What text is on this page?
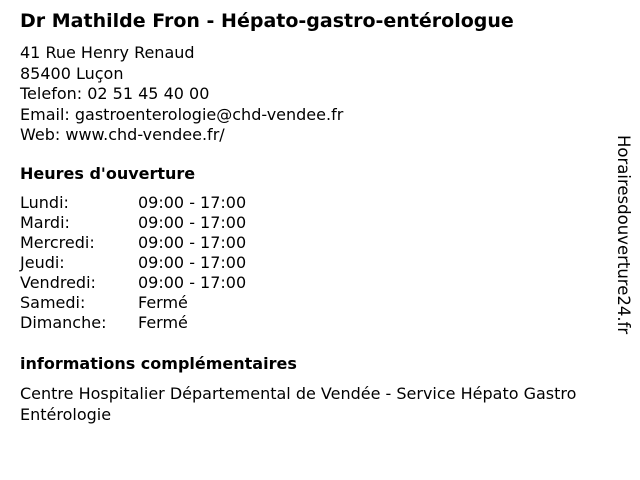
Dr Mathilde Fron - Hépato-gastro-entérologue
41 Rue Henry Renaud
85400 Luçon
Telefon: 02 51 45 40 00
Email: gastroenterologie@chd-vendee.fr
Web: www.chd-vendee.fr/
Heures d'ouverture
Lundi:	09:00 - 17:00
Mardi:	09:00 - 17:00
Mercredi:	09:00 - 17:00
Jeudi:	09:00 - 17:00
Vendredi:	09:00 - 17:00
Samedi:	Fermé
Dimanche:	Fermé
informations complémentaires
Centre Hospitalier Départemental de Vendée - Service Hépato Gastro Entérologie
Horairesdouverture24.fr
